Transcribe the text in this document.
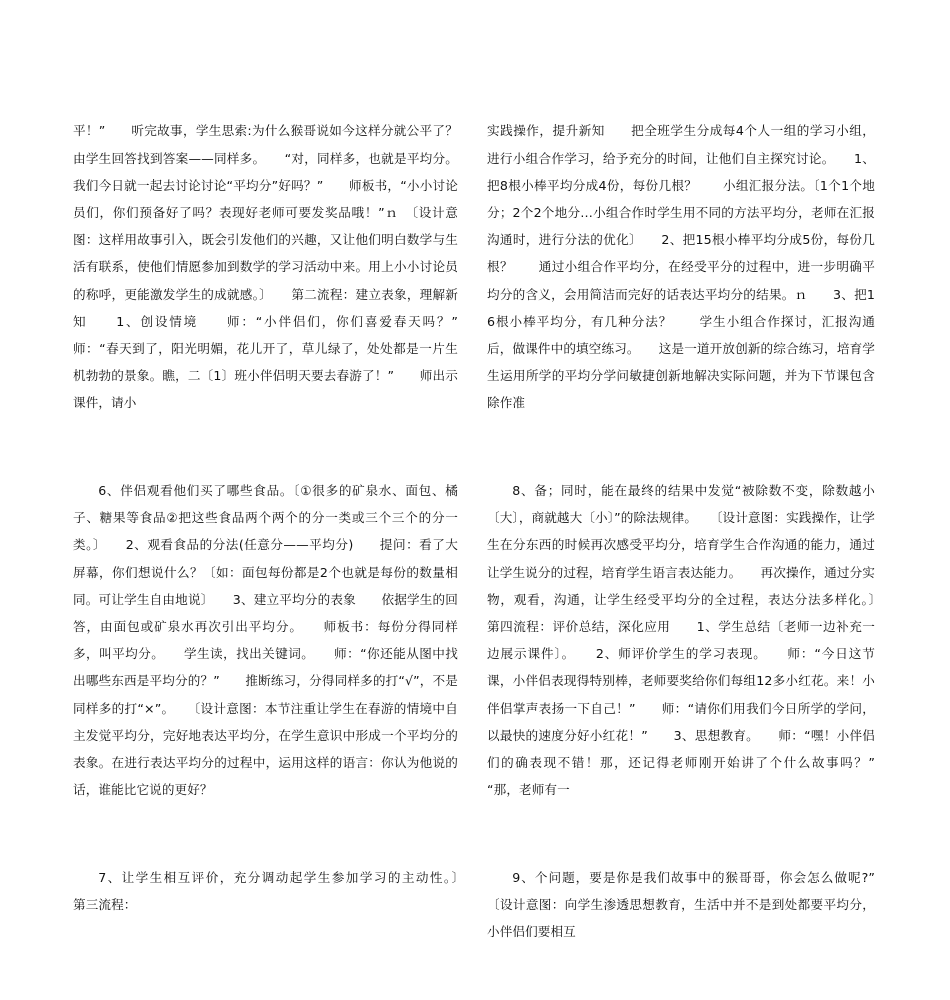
平！”　　听完故事，学生思索:为什么猴哥说如今这样分就公平了？由学生回答找到答案——同样多。　　“对，同样多，也就是平均分。我们今日就一起去讨论讨论“平均分”好吗？”　　师板书，“小小讨论员们，你们预备好了吗？表现好老师可要发奖品哦！”ｎ　〔设计意图：这样用故事引入，既会引发他们的兴趣，又让他们明白数学与生活有联系，使他们情愿参加到数学的学习活动中来。用上小小讨论员的称呼，更能激发学生的成就感。〕　　第二流程：建立表象，理解新知　　1、创设情境　　师：“小伴侣们，你们喜爱春天吗？”　　师：“春天到了，阳光明媚，花儿开了，草儿绿了，处处都是一片生机勃勃的景象。瞧，二〔1〕班小伴侣明天要去春游了！”　　师出示课件，请小

6、伴侣观看他们买了哪些食品。〔①很多的矿泉水、面包、橘子、糖果等食品②把这些食品两个两个的分一类或三个三个的分一类。〕　　2、观看食品的分法(任意分——平均分)　　提问：看了大屏幕，你们想说什么？〔如：面包每份都是2个也就是每份的数量相同。可让学生自由地说〕　　3、建立平均分的表象　　依据学生的回答，由面包或矿泉水再次引出平均分。　　师板书：每份分得同样多，叫平均分。　　学生读，找出关键词。　　师：“你还能从图中找出哪些东西是平均分的？”　　推断练习，分得同样多的打“√”，不是同样多的打“×”。　　〔设计意图：本节注重让学生在春游的情境中自主发觉平均分，完好地表达平均分，在学生意识中形成一个平均分的表象。在进行表达平均分的过程中，运用这样的语言：你认为他说的话，谁能比它说的更好？

7、让学生相互评价，充分调动起学生参加学习的主动性。〕　　第三流程：

实践操作，提升新知　　把全班学生分成每4个人一组的学习小组，进行小组合作学习，给予充分的时间，让他们自主探究讨论。　　1、把8根小棒平均分成4份，每份几根？　　小组汇报分法。〔1个1个地分；2个2个地分…小组合作时学生用不同的方法平均分，老师在汇报沟通时，进行分法的优化〕　　2、把15根小棒平均分成5份，每份几根？　　通过小组合作平均分，在经受平分的过程中，进一步明确平均分的含义，会用简洁而完好的话表达平均分的结果。ｎ　　3、把16根小棒平均分，有几种分法？　　学生小组合作探讨，汇报沟通后，做课件中的填空练习。　　这是一道开放创新的综合练习，培育学生运用所学的平均分学问敏捷创新地解决实际问题，并为下节课包含除作准

8、备；同时，能在最终的结果中发觉“被除数不变，除数越小〔大〕，商就越大〔小〕”的除法规律。　　〔设计意图：实践操作，让学生在分东西的时候再次感受平均分，培育学生合作沟通的能力，通过让学生说分的过程，培育学生语言表达能力。　　再次操作，通过分实物，观看，沟通，让学生经受平均分的全过程，表达分法多样化。〕　　第四流程：评价总结，深化应用　　1、学生总结〔老师一边补充一边展示课件〕。　　2、师评价学生的学习表现。　　师：“今日这节课，小伴侣表现得特别棒，老师要奖给你们每组12多小红花。来！小伴侣掌声表扬一下自己！”　　师：“请你们用我们今日所学的学问，以最快的速度分好小红花！”　　3、思想教育。　　师：“嘿！小伴侣们的确表现不错！那，还记得老师刚开始讲了个什么故事吗？”　　“那，老师有一

9、个问题，要是你是我们故事中的猴哥哥，你会怎么做呢?”　　〔设计意图：向学生渗透思想教育，生活中并不是到处都要平均分，小伴侣们要相互
